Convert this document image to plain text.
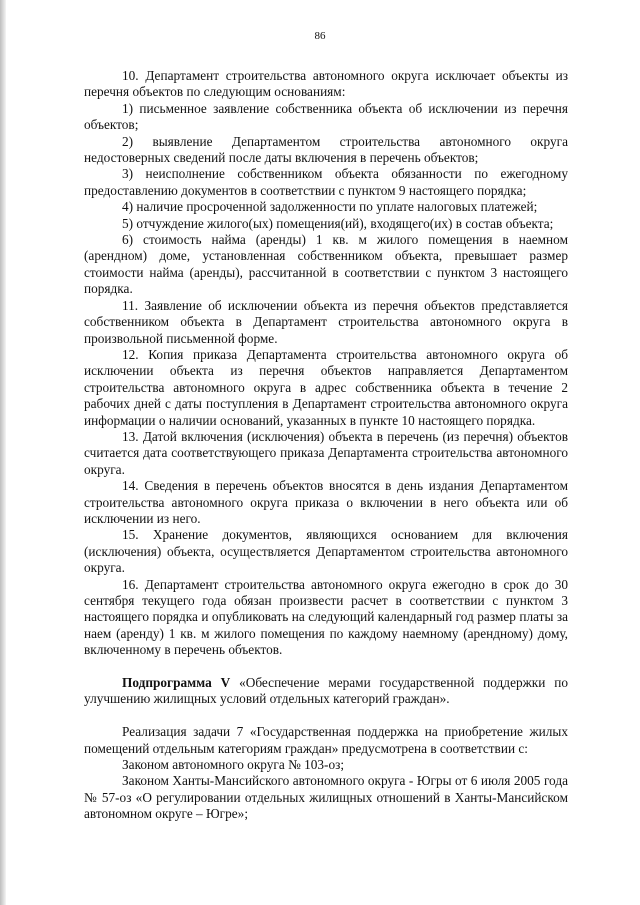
86

10. Департамент строительства автономного округа исключает объекты из перечня объектов по следующим основаниям:

1) письменное заявление собственника объекта об исключении из перечня объектов;

2) выявление Департаментом строительства автономного округа недостоверных сведений после даты включения в перечень объектов;

3) неисполнение собственником объекта обязанности по ежегодному предоставлению документов в соответствии с пунктом 9 настоящего порядка;

4) наличие просроченной задолженности по уплате налоговых платежей;

5) отчуждение жилого(ых) помещения(ий), входящего(их) в состав объекта;

6) стоимость найма (аренды) 1 кв. м жилого помещения в наемном (арендном) доме, установленная собственником объекта, превышает размер стоимости найма (аренды), рассчитанной в соответствии с пунктом 3 настоящего порядка.

11. Заявление об исключении объекта из перечня объектов представляется собственником объекта в Департамент строительства автономного округа в произвольной письменной форме.

12. Копия приказа Департамента строительства автономного округа об исключении объекта из перечня объектов направляется Департаментом строительства автономного округа в адрес собственника объекта в течение 2 рабочих дней с даты поступления в Департамент строительства автономного округа информации о наличии оснований, указанных в пункте 10 настоящего порядка.

13. Датой включения (исключения) объекта в перечень (из перечня) объектов считается дата соответствующего приказа Департамента строительства автономного округа.

14. Сведения в перечень объектов вносятся в день издания Департаментом строительства автономного округа приказа о включении в него объекта или об исключении из него.

15. Хранение документов, являющихся основанием для включения (исключения) объекта, осуществляется Департаментом строительства автономного округа.

16. Департамент строительства автономного округа ежегодно в срок до 30 сентября текущего года обязан произвести расчет в соответствии с пунктом 3 настоящего порядка и опубликовать на следующий календарный год размер платы за наем (аренду) 1 кв. м жилого помещения по каждому наемному (арендному) дому, включенному в перечень объектов.

Подпрограмма V «Обеспечение мерами государственной поддержки по улучшению жилищных условий отдельных категорий граждан».

Реализация задачи 7 «Государственная поддержка на приобретение жилых помещений отдельным категориям граждан» предусмотрена в соответствии с:

Законом автономного округа № 103-оз;

Законом Ханты-Мансийского автономного округа - Югры от 6 июля 2005 года № 57-оз «О регулировании отдельных жилищных отношений в Ханты-Мансийском автономном округе – Югре»;
